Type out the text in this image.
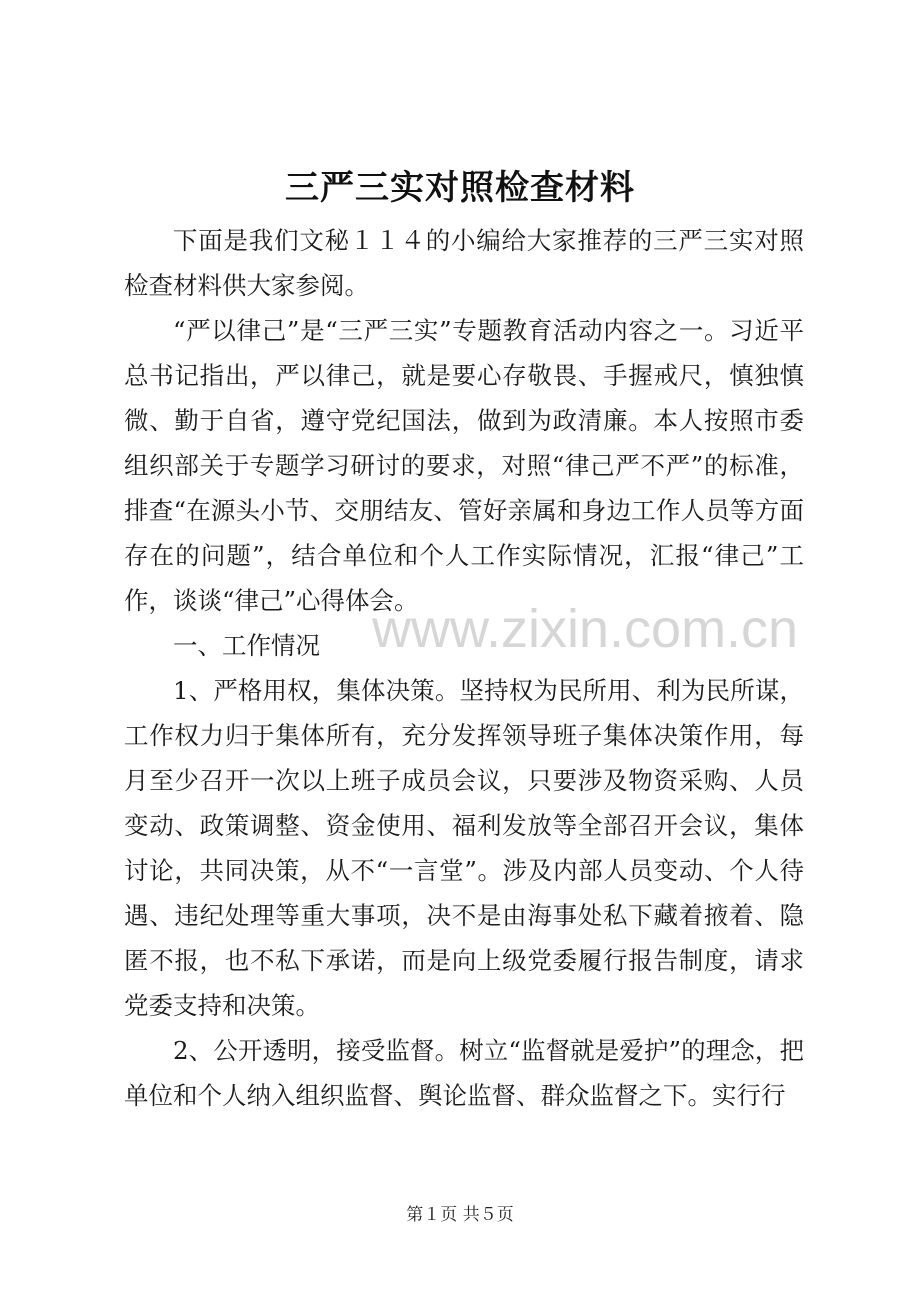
三严三实对照检查材料

下面是我们文秘１１４的小编给大家推荐的三严三实对照检查材料供大家参阅。

“严以律己”是“三严三实”专题教育活动内容之一。习近平总书记指出，严以律己，就是要心存敬畏、手握戒尺，慎独慎微、勤于自省，遵守党纪国法，做到为政清廉。本人按照市委组织部关于专题学习研讨的要求，对照“律己严不严”的标准，排查“在源头小节、交朋结友、管好亲属和身边工作人员等方面存在的问题”，结合单位和个人工作实际情况，汇报“律己”工作，谈谈“律己”心得体会。

一、工作情况

1、严格用权，集体决策。坚持权为民所用、利为民所谋，工作权力归于集体所有，充分发挥领导班子集体决策作用，每月至少召开一次以上班子成员会议，只要涉及物资采购、人员变动、政策调整、资金使用、福利发放等全部召开会议，集体讨论，共同决策，从不“一言堂”。涉及内部人员变动、个人待遇、违纪处理等重大事项，决不是由海事处私下藏着掖着、隐匿不报，也不私下承诺，而是向上级党委履行报告制度，请求党委支持和决策。

2、公开透明，接受监督。树立“监督就是爱护”的理念，把单位和个人纳入组织监督、舆论监督、群众监督之下。实行行

www.zixin.com.cn
第１页 共５页
